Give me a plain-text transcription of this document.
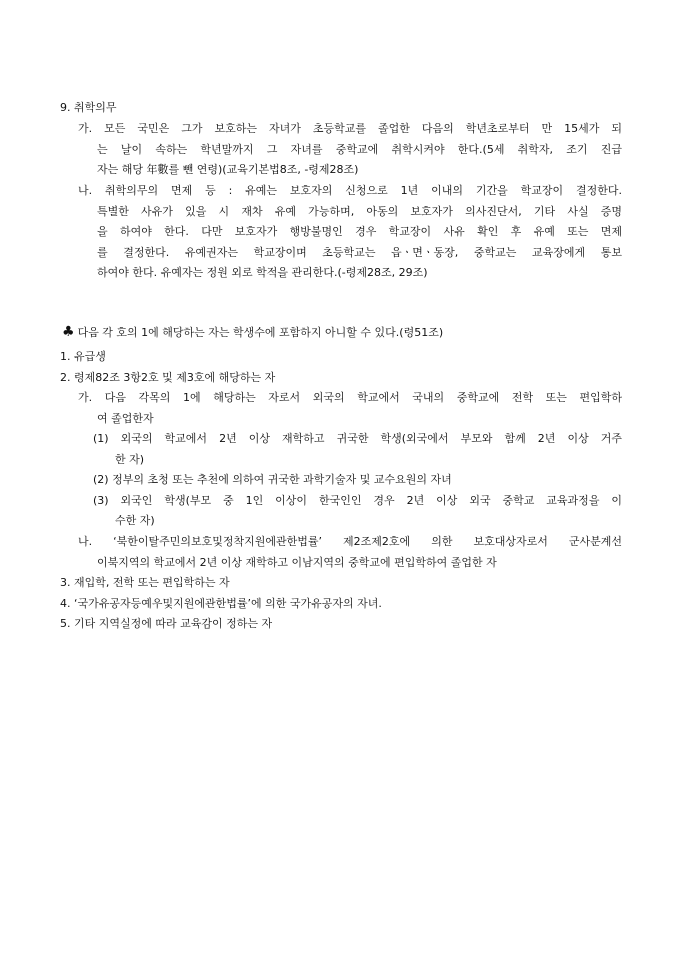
9. 취학의무
가. 모든 국민은 그가 보호하는 자녀가 초등학교를 졸업한 다음의 학년초로부터 만 15세가 되
는 날이 속하는 학년말까지 그 자녀를 중학교에 취학시켜야 한다.(5세 취학자, 조기 진급
자는 해당 年數를 뺀 연령)(교육기본법8조, -령제28조)
나. 취학의무의 면제 등 : 유예는 보호자의 신청으로 1년 이내의 기간을 학교장이 결정한다.
특별한 사유가 있을 시 재차 유예 가능하며, 아동의 보호자가 의사진단서, 기타 사실 증명
을 하여야 한다. 다만 보호자가 행방불명인 경우 학교장이 사유 확인 후 유예 또는 면제
를 결정한다. 유예권자는 학교장이며 초등학교는 읍ㆍ면ㆍ동장, 중학교는 교육장에게 통보
하여야 한다. 유예자는 정원 외로 학적을 관리한다.(-령제28조, 29조)
♣ 다음 각 호의 1에 해당하는 자는 학생수에 포함하지 아니할 수 있다.(령51조)
1. 유급생
2. 령제82조 3항2호 및 제3호에 해당하는 자
가. 다음 각목의 1에 해당하는 자로서 외국의 학교에서 국내의 중학교에 전학 또는 편입학하
여 졸업한자
(1) 외국의 학교에서 2년 이상 재학하고 귀국한 학생(외국에서 부모와 함께 2년 이상 거주
한 자)
(2) 정부의 초청 또는 추천에 의하여 귀국한 과학기술자 및 교수요원의 자녀
(3) 외국인 학생(부모 중 1인 이상이 한국인인 경우 2년 이상 외국 중학교 교육과정을 이
수한 자)
나. ‘북한이탈주민의보호및정착지원에관한법률’ 제2조제2호에 의한 보호대상자로서 군사분계선
이북지역의 학교에서 2년 이상 재학하고 이남지역의 중학교에 편입학하여 졸업한 자
3. 재입학, 전학 또는 편입학하는 자
4. ‘국가유공자등예우및지원에관한법률’에 의한 국가유공자의 자녀.
5. 기타 지역실정에 따라 교육감이 정하는 자
